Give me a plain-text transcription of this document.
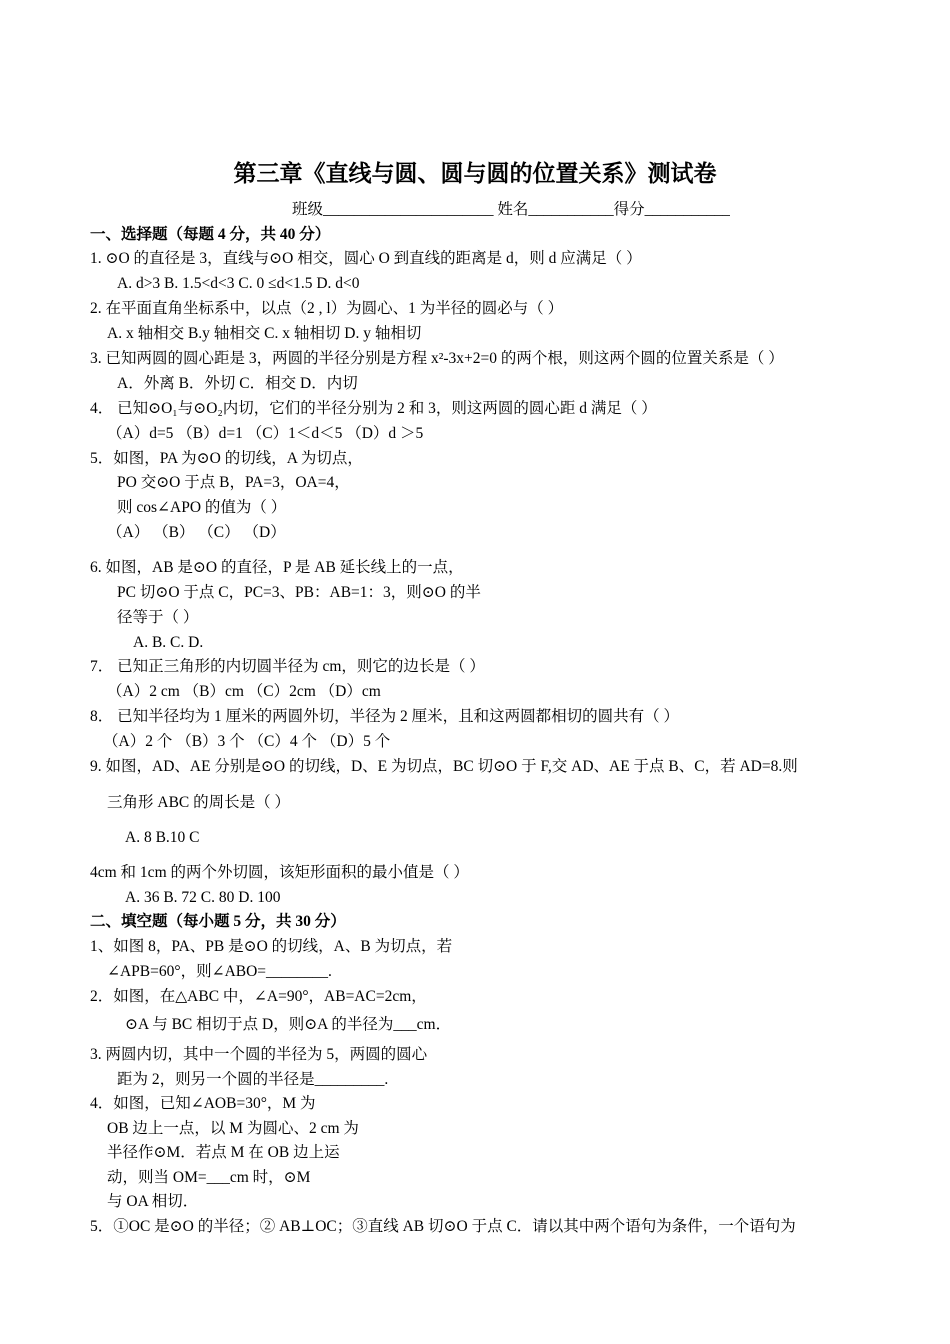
第三章《直线与圆、圆与圆的位置关系》测试卷
班级______________________ 姓名___________得分___________
一、选择题（每题 4 分，共 40 分）
1. ⊙O 的直径是 3，直线与⊙O 相交，圆心 O 到直线的距离是 d，则 d 应满足（ ）
A. d>3 B. 1.5<d<3 C. 0 ≤d<1.5 D. d<0
2. 在平面直角坐标系中，以点（2 , l）为圆心、1 为半径的圆必与（ ）
A. x 轴相交 B.y 轴相交 C. x 轴相切 D. y 轴相切
3. 已知两圆的圆心距是 3，两圆的半径分别是方程 x²-3x+2=0 的两个根，则这两个圆的位置关系是（ ）
A．外离 B．外切 C．相交 D．内切
4． 已知⊙O₁与⊙O₂内切，它们的半径分别为 2 和 3，则这两圆的圆心距 d 满足（ ）
（A）d=5 （B）d=1 （C）1＜d＜5 （D）d ＞5
5．如图，PA 为⊙O 的切线，A 为切点，
PO 交⊙O 于点 B，PA=3，OA=4，
则 cos∠APO 的值为（ ）
（A） （B） （C） （D）
6. 如图，AB 是⊙O 的直径，P 是 AB 延长线上的一点，
PC 切⊙O 于点 C，PC=3、PB：AB=1：3，则⊙O 的半
径等于（ ）
A. B. C. D.
7． 已知正三角形的内切圆半径为 cm，则它的边长是（ ）
（A）2 cm （B）cm （C）2cm （D）cm
8． 已知半径均为 1 厘米的两圆外切，半径为 2 厘米，且和这两圆都相切的圆共有（ ）
（A）2 个 （B）3 个 （C）4 个 （D）5 个
9. 如图，AD、AE 分别是⊙O 的切线，D、E 为切点，BC 切⊙O 于 F,交 AD、AE 于点 B、C，若 AD=8.则
三角形 ABC 的周长是（ ）
A. 8 B.10 C
4cm 和 1cm 的两个外切圆，该矩形面积的最小值是（ ）
A. 36 B. 72 C. 80 D. 100
二、填空题（每小题 5 分，共 30 分）
1、如图 8，PA、PB 是⊙O 的切线，A、B 为切点，若
∠APB=60°，则∠ABO=________.
2．如图，在△ABC 中，∠A=90°，AB=AC=2cm，
⊙A 与 BC 相切于点 D，则⊙A 的半径为___cm．
3. 两圆内切，其中一个圆的半径为 5，两圆的圆心
距为 2，则另一个圆的半径是_________.
4．如图，已知∠AOB=30°，M 为
OB 边上一点，以 M 为圆心、2 cm 为
半径作⊙M．若点 M 在 OB 边上运
动，则当 OM=___cm 时，⊙M
与 OA 相切．
5．①OC 是⊙O 的半径；② AB⊥OC；③直线 AB 切⊙O 于点 C．请以其中两个语句为条件，一个语句为
